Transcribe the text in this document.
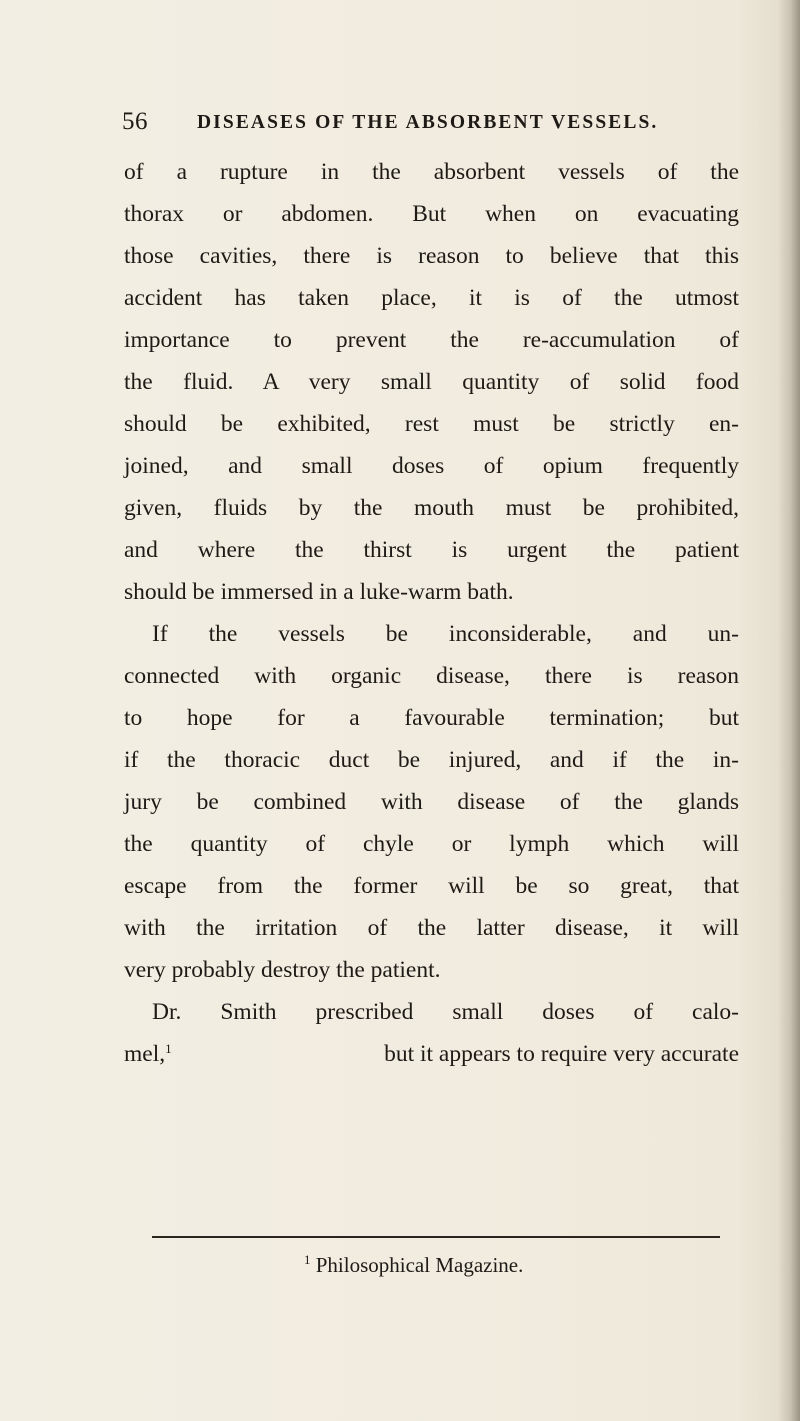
56	DISEASES OF THE ABSORBENT VESSELS.
of a rupture in the absorbent vessels of the
thorax or abdomen. But when on evacuating
those cavities, there is reason to believe that this
accident has taken place, it is of the utmost
importance to prevent the re-accumulation of
the fluid. A very small quantity of solid food
should be exhibited, rest must be strictly en-
joined, and small doses of opium frequently
given, fluids by the mouth must be prohibited,
and where the thirst is urgent the patient
should be immersed in a luke-warm bath.
If the vessels be inconsiderable, and un-
connected with organic disease, there is reason
to hope for a favourable termination; but
if the thoracic duct be injured, and if the in-
jury be combined with disease of the glands
the quantity of chyle or lymph which will
escape from the former will be so great, that
with the irritation of the latter disease, it will
very probably destroy the patient.
Dr. Smith prescribed small doses of calo-
mel,$^1$	but it appears to require very accurate
$^1$ Philosophical Magazine.
